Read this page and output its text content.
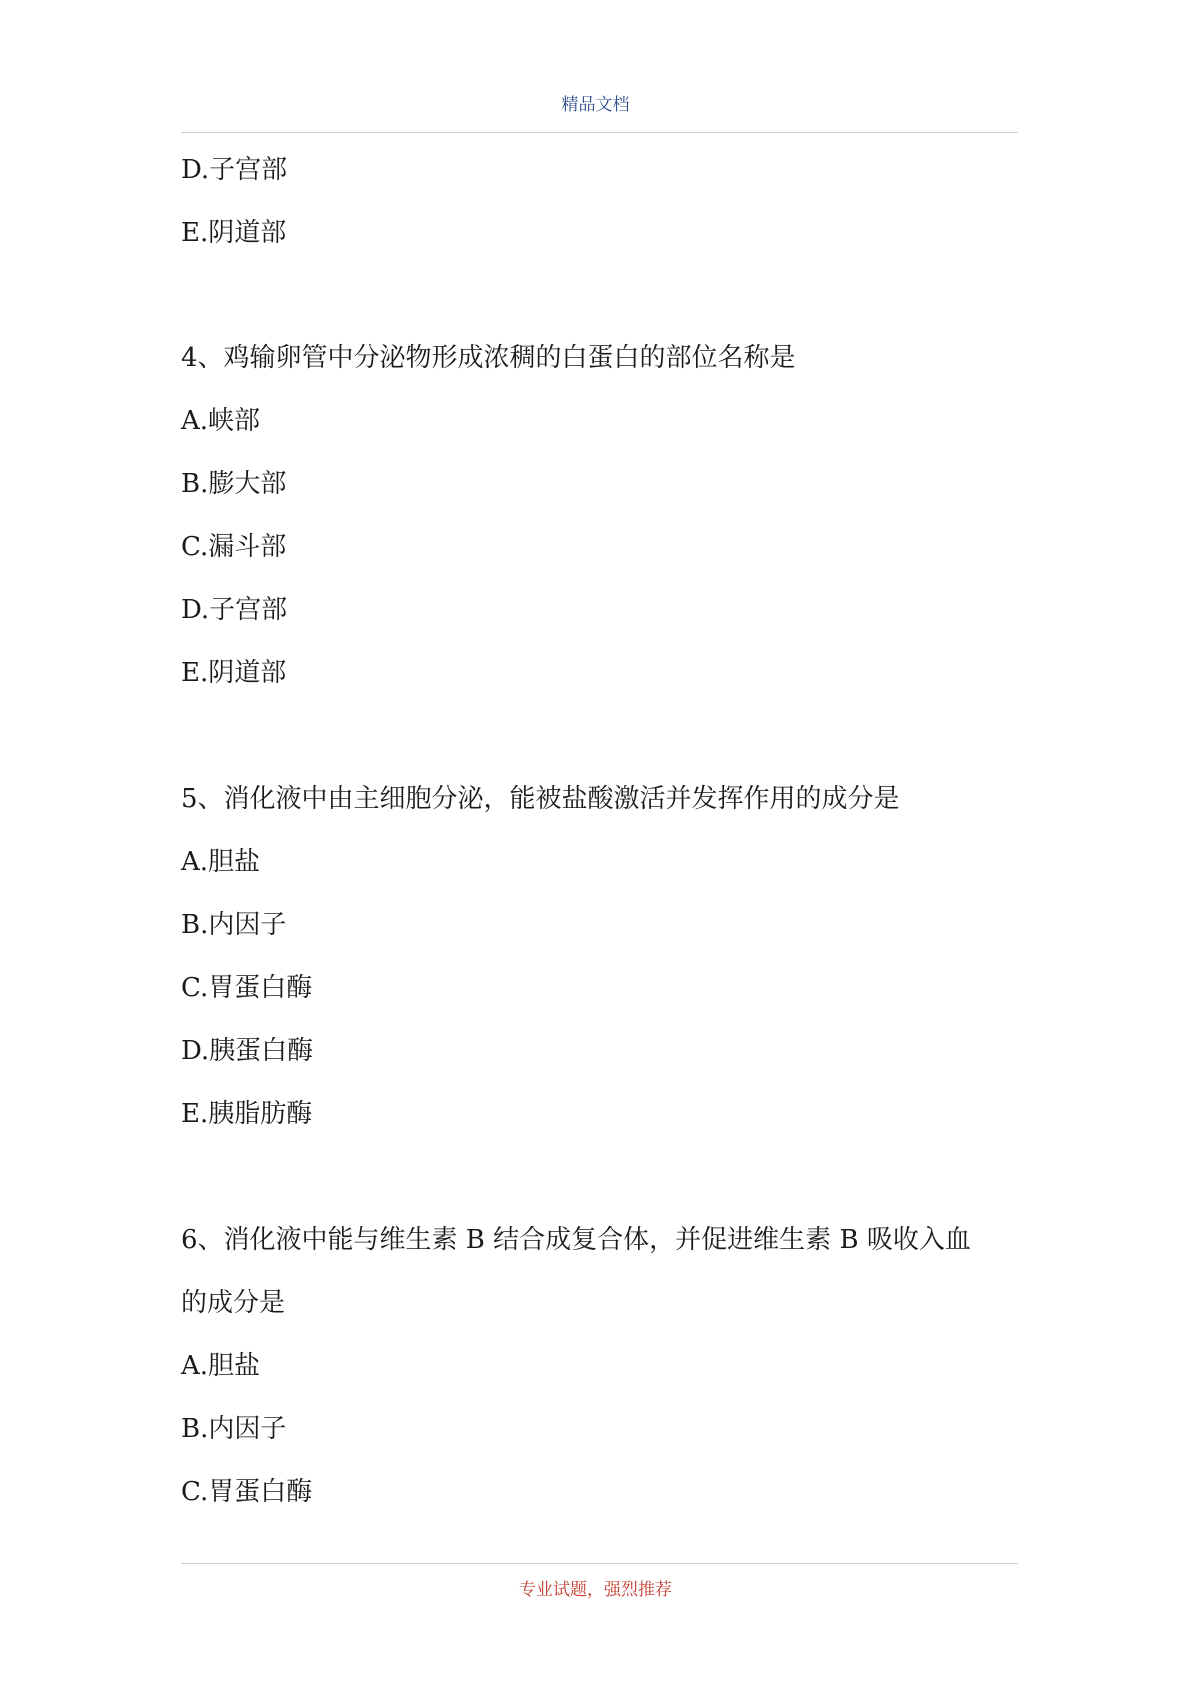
精品文档
D.子宫部
E.阴道部
4、鸡输卵管中分泌物形成浓稠的白蛋白的部位名称是
A.峡部
B.膨大部
C.漏斗部
D.子宫部
E.阴道部
5、消化液中由主细胞分泌，能被盐酸激活并发挥作用的成分是
A.胆盐
B.内因子
C.胃蛋白酶
D.胰蛋白酶
E.胰脂肪酶
6、消化液中能与维生素 B 结合成复合体，并促进维生素 B 吸收入血
的成分是
A.胆盐
B.内因子
C.胃蛋白酶
专业试题，强烈推荐
